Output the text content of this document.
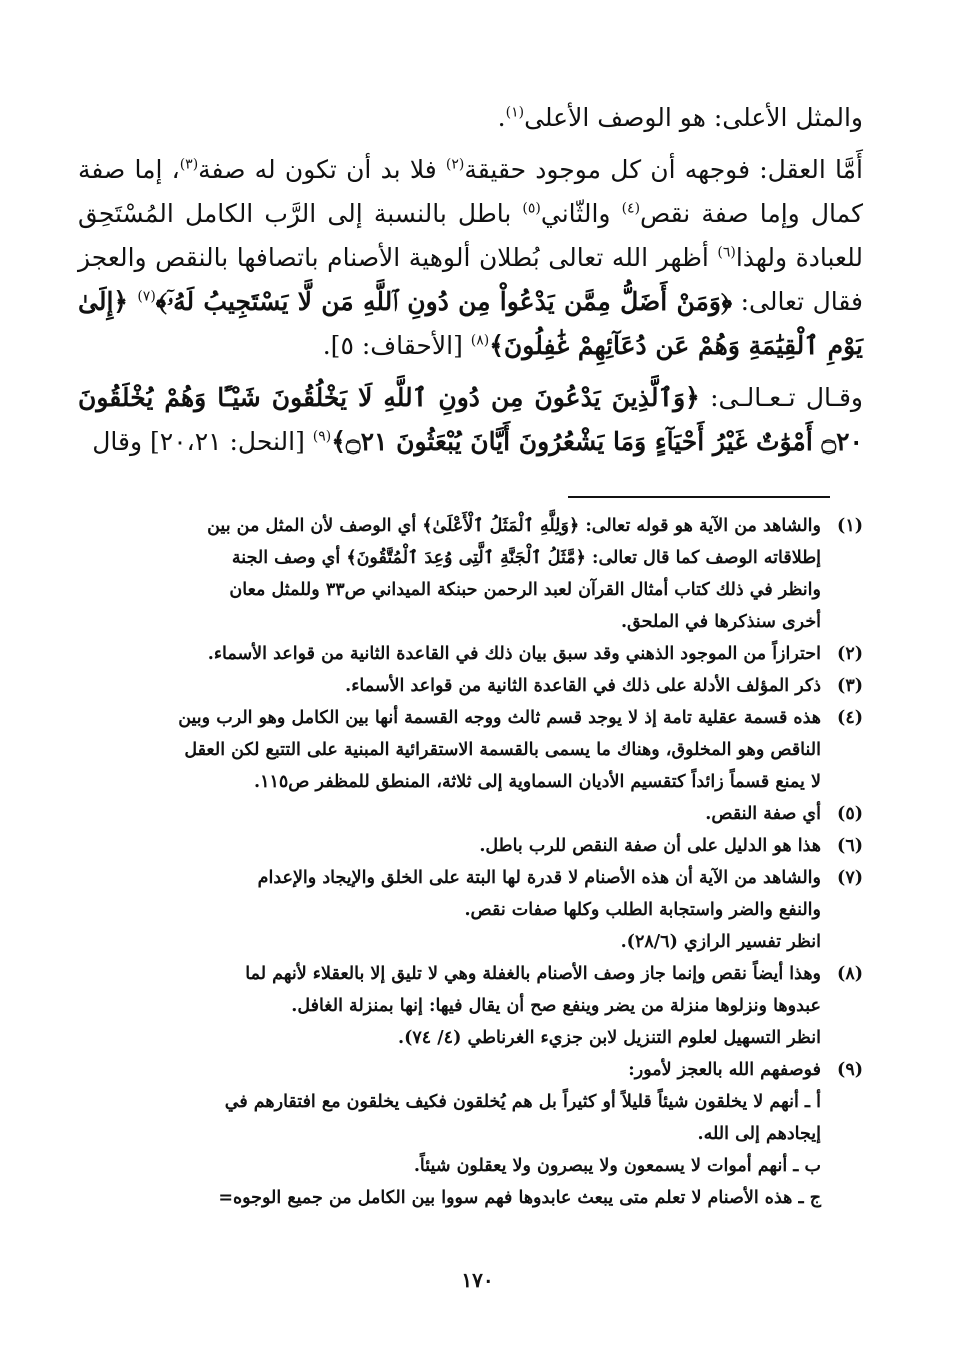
والمثل الأعلى: هو الوصف الأعلى$^{(١)}$.

أَمَّا العقل: فوجهه أن كل موجود حقيقة$^{(٢)}$ فلا بد أن تكون له صفة$^{(٣)}$، إما صفة كمال وإما صفة نقص$^{(٤)}$ والثّاني$^{(٥)}$ باطل بالنسبة إلى الرَّب الكامل المُسْتَحِق للعبادة ولهذا$^{(٦)}$ أظهر الله تعالى بُطلان ألوهية الأصنام باتصافها بالنقص والعجز فقال تعالى: ﴿وَمَنْ أَضَلُّ مِمَّن يَدْعُواْ مِن دُونِ ٱللَّهِ مَن لَّا يَسْتَجِيبُ لَهُۥٓ﴾$^{(٧)}$ ﴿إِلَىٰ يَوْمِ ٱلْقِيَٰمَةِ وَهُمْ عَن دُعَآئِهِمْ غَٰفِلُونَ﴾$^{(٨)}$ [الأحقاف: ٥].

وقـال تـعـالـى: ﴿وَٱلَّذِينَ يَدْعُونَ مِن دُونِ ٱللَّهِ لَا يَخْلُقُونَ شَيْـًٔا وَهُمْ يُخْلَقُونَ ۝٢٠ أَمْوَٰتٌ غَيْرُ أَحْيَآءٍ وَمَا يَشْعُرُونَ أَيَّانَ يُبْعَثُونَ ۝٢١﴾$^{(٩)}$ [النحل: ٢٠،٢١] وقال

(١)
والشاهد من الآية هو قوله تعالى: ﴿وَلِلَّهِ ٱلْمَثَلُ ٱلْأَعْلَىٰ﴾ أي الوصف لأن المثل من بين
إطلاقاته الوصف كما قال تعالى: ﴿مَّثَلُ ٱلْجَنَّةِ ٱلَّتِى وُعِدَ ٱلْمُتَّقُونَ﴾ أي وصف الجنة
وانظر في ذلك كتاب أمثال القرآن لعبد الرحمن حبنكة الميداني ص٣٣ وللمثل معان
أخرى سنذكرها في الملحق.
(٢)
احترازاً من الموجود الذهني وقد سبق بيان ذلك في القاعدة الثانية من قواعد الأسماء.
(٣)
ذكر المؤلف الأدلة على ذلك في القاعدة الثانية من قواعد الأسماء.
(٤)
هذه قسمة عقلية تامة إذ لا يوجد قسم ثالث ووجه القسمة أنها بين الكامل وهو الرب وبين
الناقص وهو المخلوق، وهناك ما يسمى بالقسمة الاستقرائية المبنية على التتبع لكن العقل
لا يمنع قسماً زائداً كتقسيم الأديان السماوية إلى ثلاثة، المنطق للمظفر ص١١٥.
(٥)
أي صفة النقص.
(٦)
هذا هو الدليل على أن صفة النقص للرب باطل.
(٧)
والشاهد من الآية أن هذه الأصنام لا قدرة لها البتة على الخلق والإيجاد والإعدام
والنفع والضر واستجابة الطلب وكلها صفات نقص.
انظر تفسير الرازي (٢٨/٦).
(٨)
وهذا أيضاً نقص وإنما جاز وصف الأصنام بالغفلة وهي لا تليق إلا بالعقلاء لأنهم لما
عبدوها ونزلوها منزلة من يضر وينفع صح أن يقال فيها: إنها بمنزلة الغافل.
انظر التسهيل لعلوم التنزيل لابن جزيء الغرناطي (٤/ ٧٤).
(٩)
فوصفهم الله بالعجز لأمور:
أ ـ أنهم لا يخلقون شيئاً قليلاً أو كثيراً بل هم يُخلقون فكيف يخلقون مع افتقارهم في
إيجادهم إلى الله.
ب ـ أنهم أموات لا يسمعون ولا يبصرون ولا يعقلون شيئاً.
ج ـ هذه الأصنام لا تعلم متى يبعث عابدوها فهم سووا بين الكامل من جميع الوجوه=
١٧٠
